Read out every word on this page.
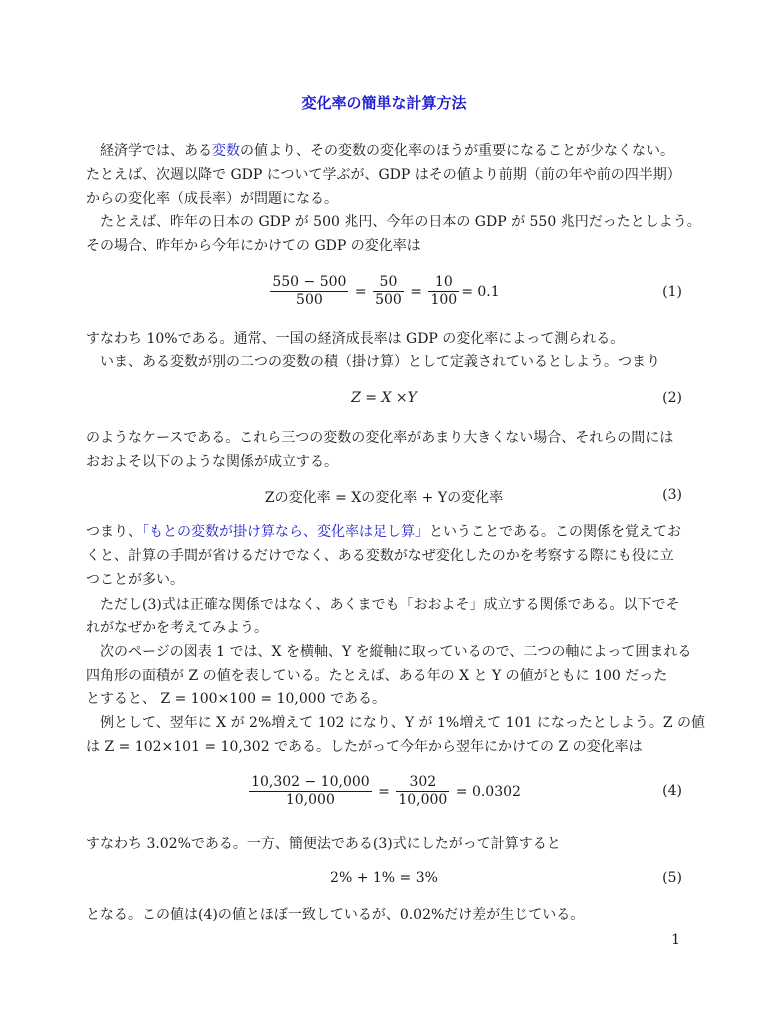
変化率の簡単な計算方法
経済学では、ある変数の値より、その変数の変化率のほうが重要になることが少なくない。
たとえば、次週以降で GDP について学ぶが、GDP はその値より前期（前の年や前の四半期）
からの変化率（成長率）が問題になる。
たとえば、昨年の日本の GDP が 500 兆円、今年の日本の GDP が 550 兆円だったとしよう。
その場合、昨年から今年にかけての GDP の変化率は
$\frac{550 - 500}{500} = \frac{50}{500} = \frac{10}{100} = 0.1$	(1)
すなわち 10%である。通常、一国の経済成長率は GDP の変化率によって測られる。
いま、ある変数が別の二つの変数の積（掛け算）として定義されているとしよう。つまり
Z = X ×Y	(2)
のようなケースである。これら三つの変数の変化率があまり大きくない場合、それらの間には
おおよそ以下のような関係が成立する。
Zの変化率 = Xの変化率 + Yの変化率	(3)
つまり、「もとの変数が掛け算なら、変化率は足し算」ということである。この関係を覚えてお
くと、計算の手間が省けるだけでなく、ある変数がなぜ変化したのかを考察する際にも役に立
つことが多い。
ただし(3)式は正確な関係ではなく、あくまでも「おおよそ」成立する関係である。以下でそ
れがなぜかを考えてみよう。
次のページの図表 1 では、X を横軸、Y を縦軸に取っているので、二つの軸によって囲まれる
四角形の面積が Z の値を表している。たとえば、ある年の X と Y の値がともに 100 だった
とすると、 Z = 100×100 = 10,000 である。
例として、翌年に X が 2%増えて 102 になり、Y が 1%増えて 101 になったとしよう。Z の値
は Z = 102×101 = 10,302 である。したがって今年から翌年にかけての Z の変化率は
$\frac{10,302 - 10,000}{10,000} = \frac{302}{10,000}$
= 0.0302	(4)
すなわち 3.02%である。一方、簡便法である(3)式にしたがって計算すると
2% + 1% = 3%	(5)
となる。この値は(4)の値とほぼ一致しているが、0.02%だけ差が生じている。
1
